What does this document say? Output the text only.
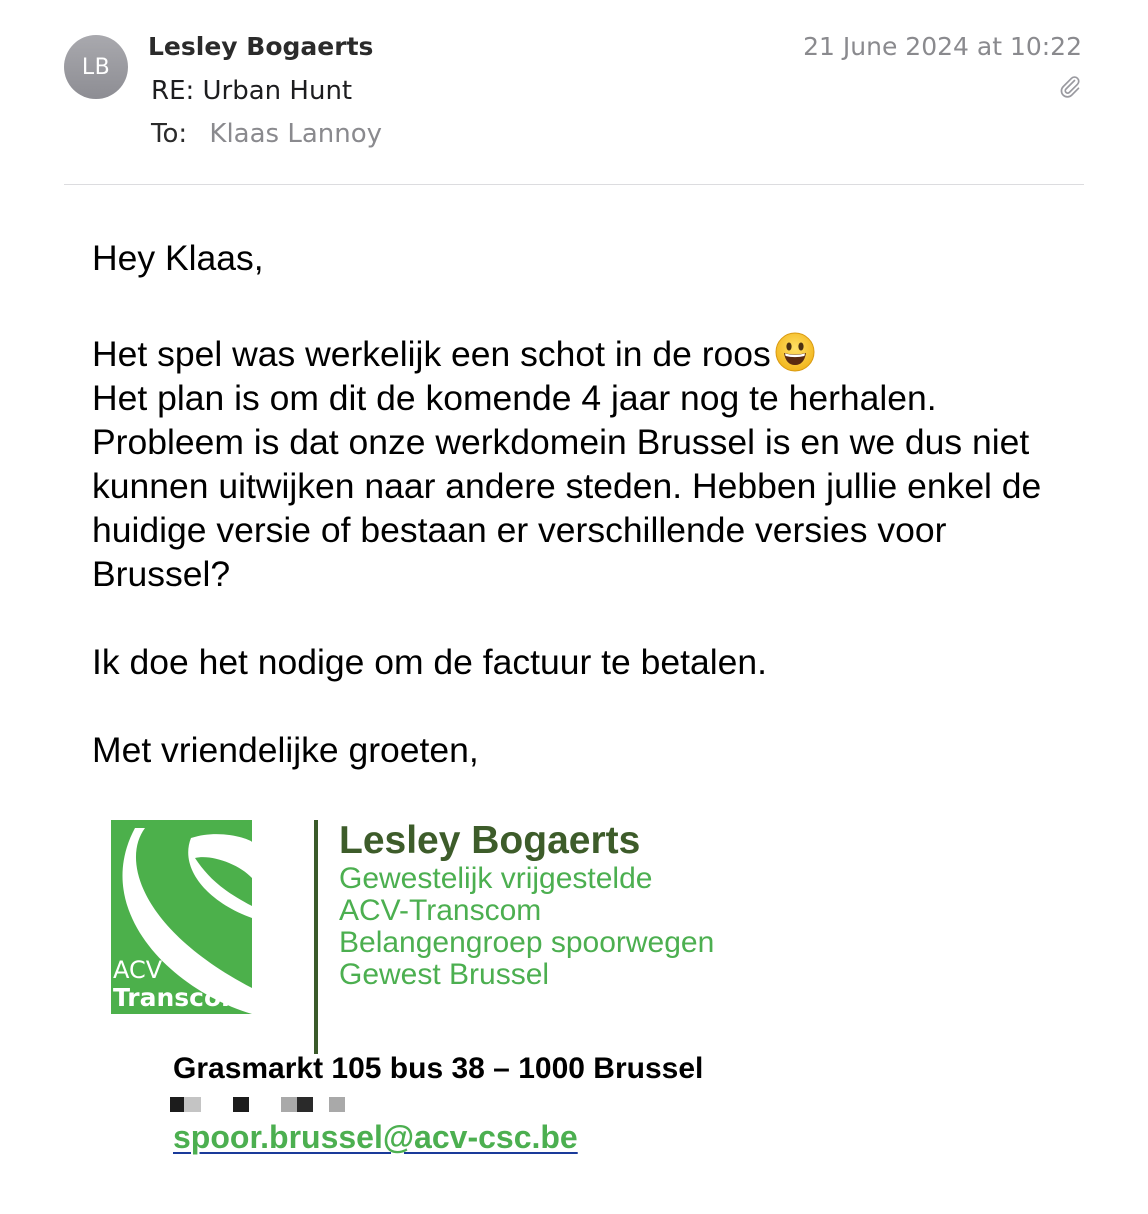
LB
Lesley Bogaerts
RE: Urban Hunt
To: Klaas Lannoy
21 June 2024 at 10:22

Hey Klaas,

Het spel was werkelijk een schot in de roos

Het plan is om dit de komende 4 jaar nog te herhalen. Probleem is dat onze werkdomein Brussel is en we dus niet kunnen uitwijken naar andere steden. Hebben jullie enkel de huidige versie of bestaan er verschillende versies voor Brussel?

Ik doe het nodige om de factuur te betalen.

Met vriendelijke groeten,

ACV
Transcom
Lesley Bogaerts
Gewestelijk vrijgestelde
ACV-Transcom
Belangengroep spoorwegen
Gewest Brussel
Grasmarkt 105 bus 38 – 1000 Brussel
spoor.brussel@acv-csc.be
